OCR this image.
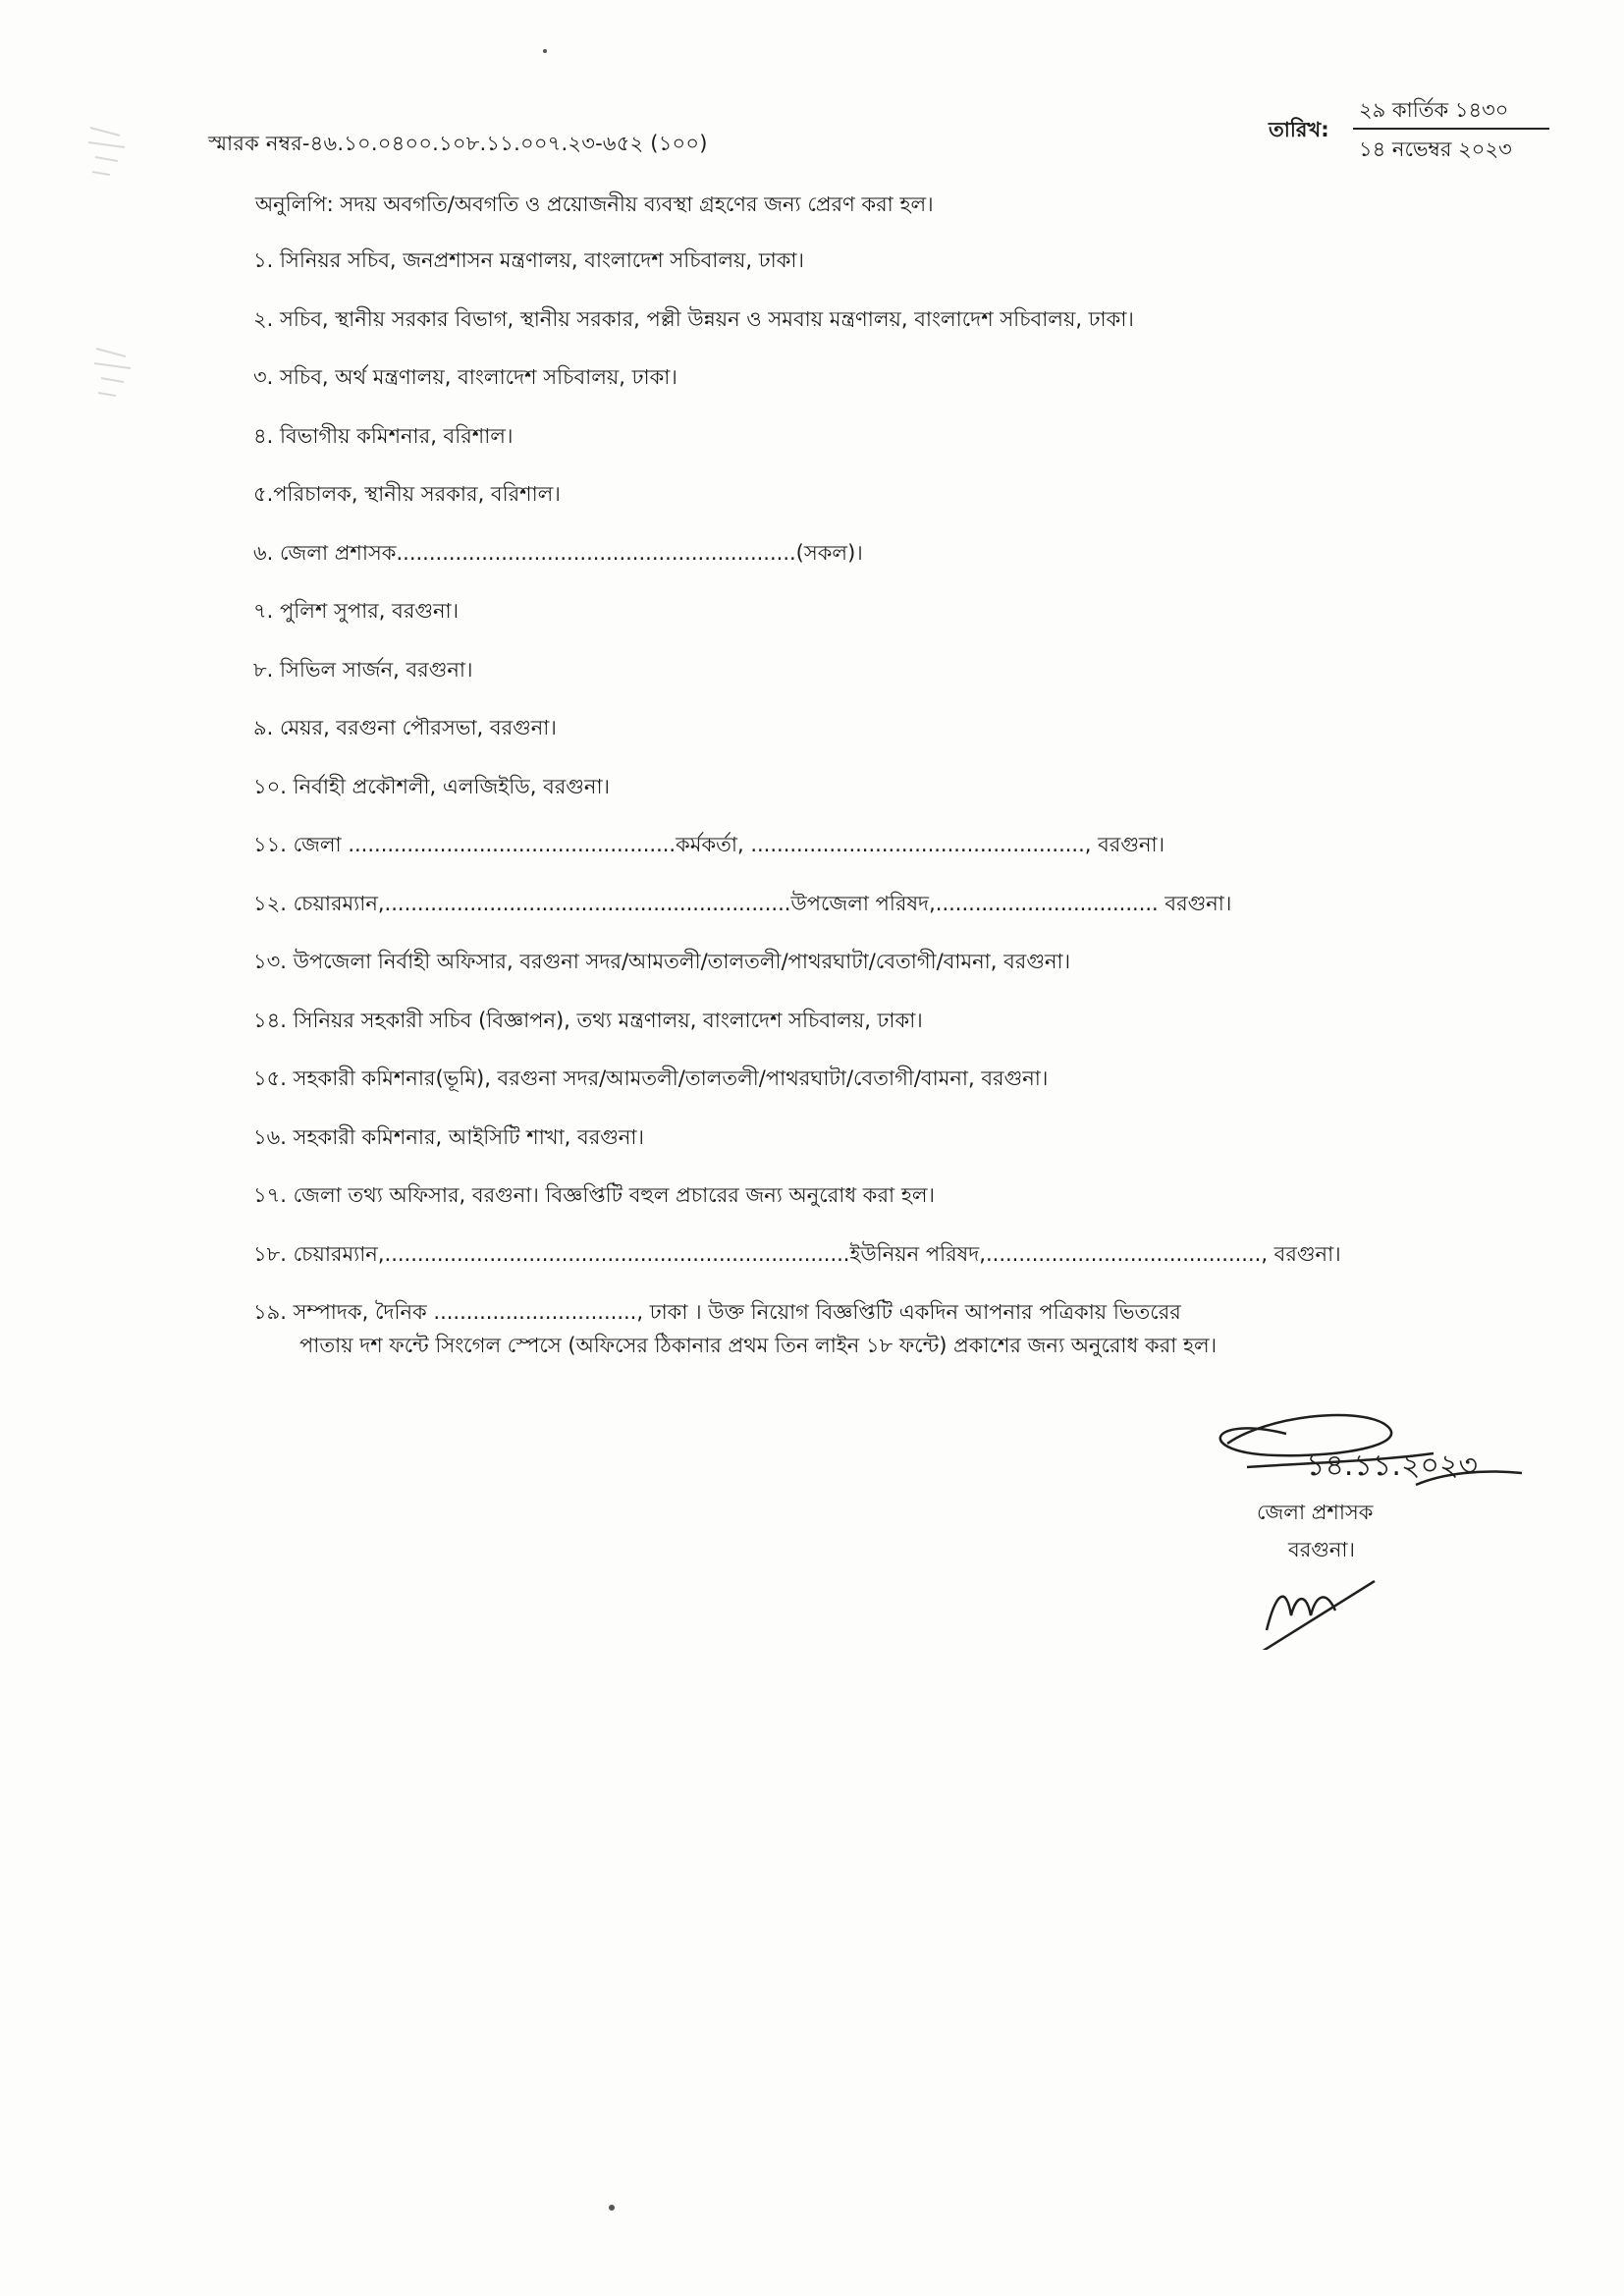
স্মারক নম্বর-৪৬.১০.০৪০০.১০৮.১১.০০৭.২৩-৬৫২ (১০০)
তারিখ:
২৯ কার্তিক ১৪৩০
১৪ নভেম্বর ২০২৩
অনুলিপি: সদয় অবগতি/অবগতি ও প্রয়োজনীয় ব্যবস্থা গ্রহণের জন্য প্রেরণ করা হল।
১. সিনিয়র সচিব, জনপ্রশাসন মন্ত্রণালয়, বাংলাদেশ সচিবালয়, ঢাকা।
২. সচিব, স্থানীয় সরকার বিভাগ, স্থানীয় সরকার, পল্লী উন্নয়ন ও সমবায় মন্ত্রণালয়, বাংলাদেশ সচিবালয়, ঢাকা।
৩. সচিব, অর্থ মন্ত্রণালয়, বাংলাদেশ সচিবালয়, ঢাকা।
৪. বিভাগীয় কমিশনার, বরিশাল।
৫.পরিচালক, স্থানীয় সরকার, বরিশাল।
৬. জেলা প্রশাসক.............................................................(সকল)।
৭. পুলিশ সুপার, বরগুনা।
৮. সিভিল সার্জন, বরগুনা।
৯. মেয়র, বরগুনা পৌরসভা, বরগুনা।
১০. নির্বাহী প্রকৌশলী, এলজিইডি, বরগুনা।
১১. জেলা ..................................................কর্মকর্তা, ..................................................., বরগুনা।
১২. চেয়ারম্যান,..............................................................উপজেলা পরিষদ,.................................. বরগুনা।
১৩. উপজেলা নির্বাহী অফিসার, বরগুনা সদর/আমতলী/তালতলী/পাথরঘাটা/বেতাগী/বামনা, বরগুনা।
১৪. সিনিয়র সহকারী সচিব (বিজ্ঞাপন), তথ্য মন্ত্রণালয়, বাংলাদেশ সচিবালয়, ঢাকা।
১৫. সহকারী কমিশনার(ভূমি), বরগুনা সদর/আমতলী/তালতলী/পাথরঘাটা/বেতাগী/বামনা, বরগুনা।
১৬. সহকারী কমিশনার, আইসিটি শাখা, বরগুনা।
১৭. জেলা তথ্য অফিসার, বরগুনা। বিজ্ঞপ্তিটি বহুল প্রচারের জন্য অনুরোধ করা হল।
১৮. চেয়ারম্যান,.......................................................................ইউনিয়ন পরিষদ,.........................................., বরগুনা।
১৯. সম্পাদক, দৈনিক ..............................., ঢাকা । উক্ত নিয়োগ বিজ্ঞপ্তিটি একদিন আপনার পত্রিকায় ভিতরের
পাতায় দশ ফন্টে সিংগেল স্পেসে (অফিসের ঠিকানার প্রথম তিন লাইন ১৮ ফন্টে) প্রকাশের জন্য অনুরোধ করা হল।
১৪.১১.২০২৩
জেলা প্রশাসক
বরগুনা।
